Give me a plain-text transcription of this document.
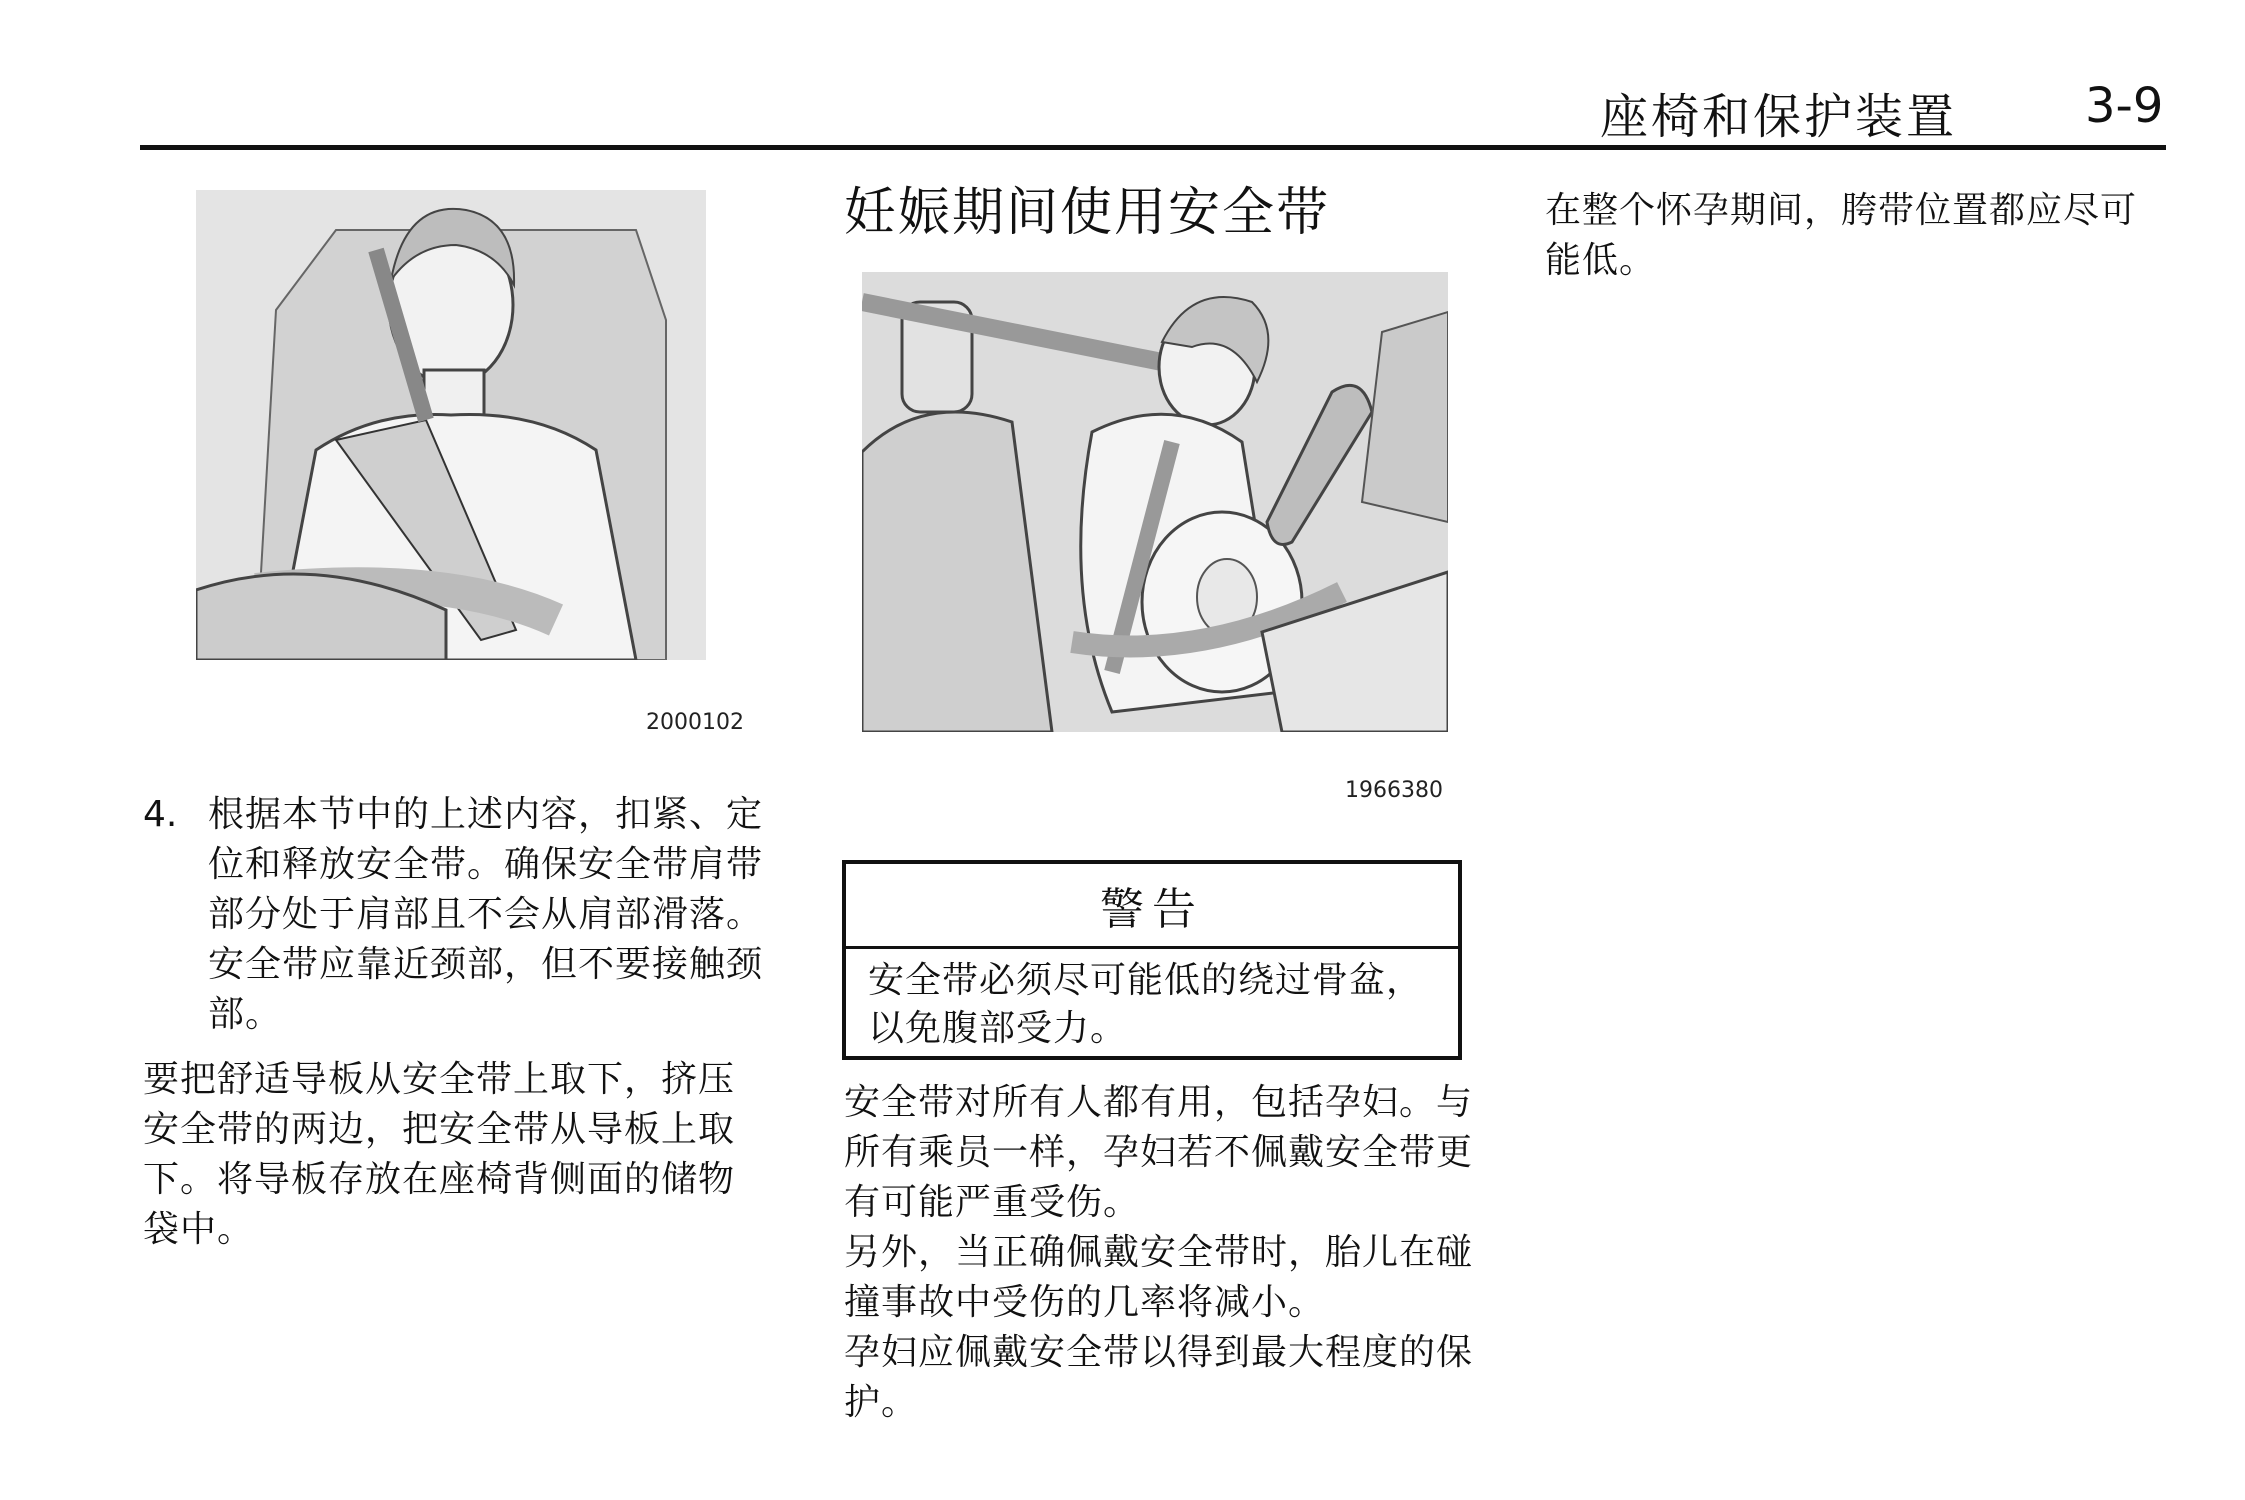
座椅和保护装置	3-9
2000102
4. 根据本节中的上述内容，扣紧、定位和释放安全带。确保安全带肩带部分处于肩部且不会从肩部滑落。安全带应靠近颈部，但不要接触颈部。
要把舒适导板从安全带上取下，挤压安全带的两边，把安全带从导板上取下。将导板存放在座椅背侧面的储物袋中。
妊娠期间使用安全带
1966380
警告
安全带必须尽可能低的绕过骨盆，以免腹部受力。

安全带对所有人都有用，包括孕妇。与所有乘员一样，孕妇若不佩戴安全带更有可能严重受伤。

另外，当正确佩戴安全带时，胎儿在碰撞事故中受伤的几率将减小。

孕妇应佩戴安全带以得到最大程度的保护。

在整个怀孕期间，胯带位置都应尽可能低。
